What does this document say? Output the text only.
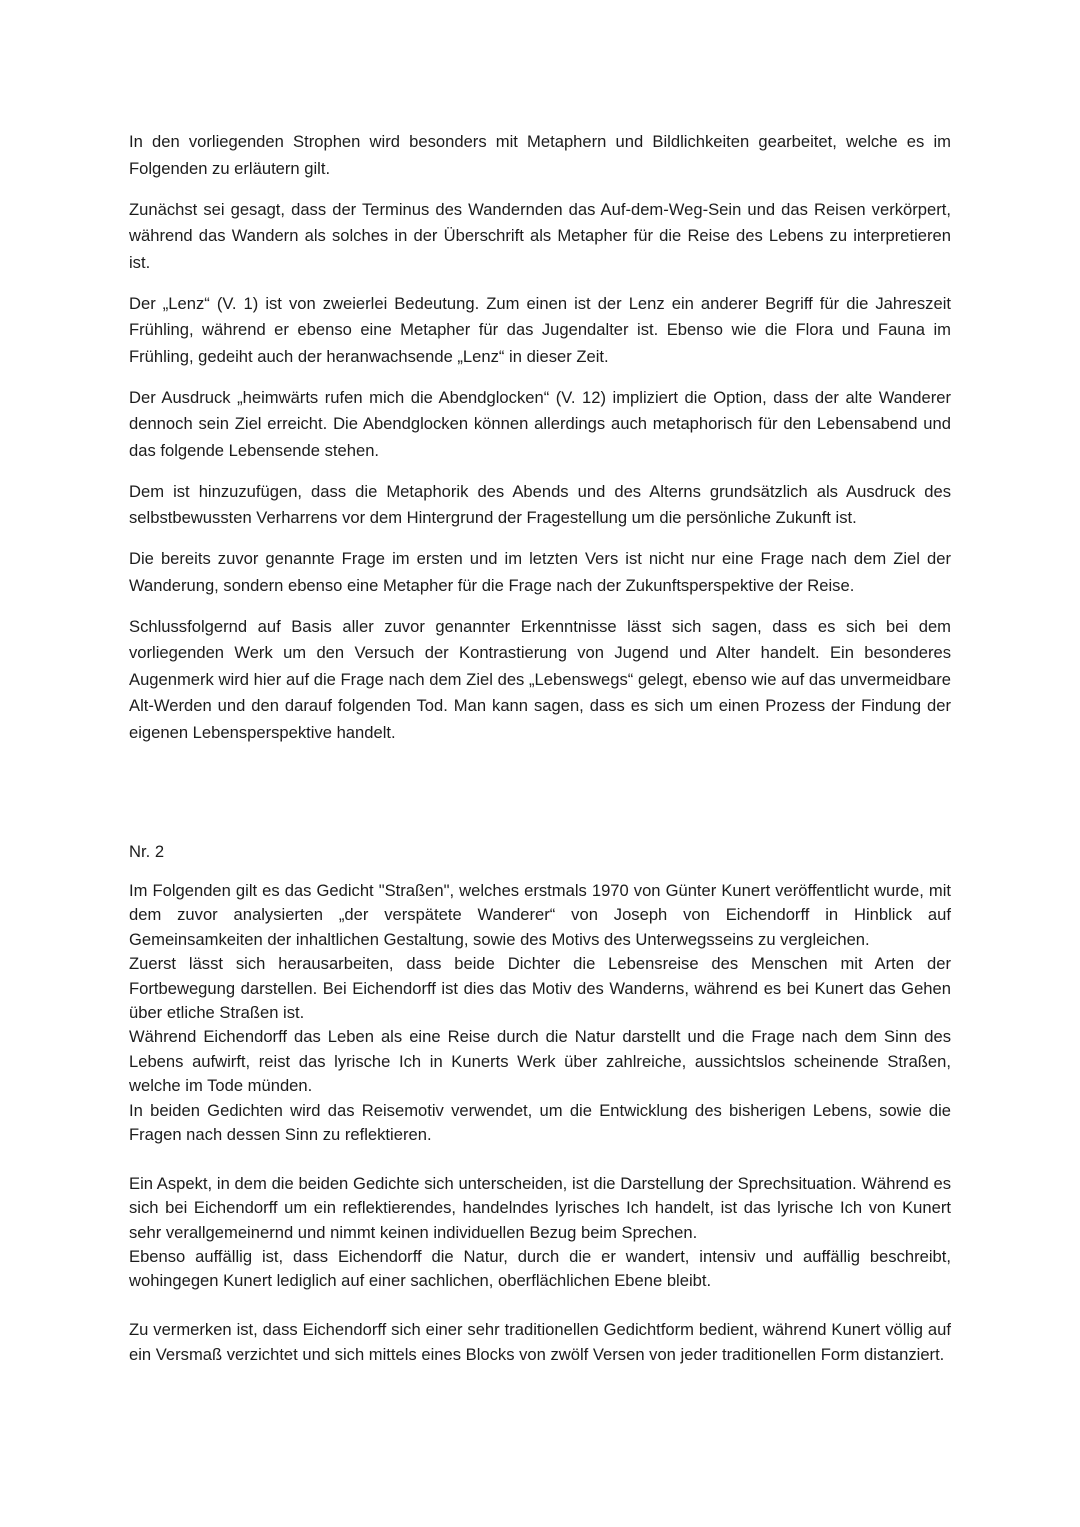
In den vorliegenden Strophen wird besonders mit Metaphern und Bildlichkeiten gearbeitet, welche es im Folgenden zu erläutern gilt.

Zunächst sei gesagt, dass der Terminus des Wandernden das Auf-dem-Weg-Sein und das Reisen verkörpert, während das Wandern als solches in der Überschrift als Metapher für die Reise des Lebens zu interpretieren ist.

Der „Lenz“ (V. 1) ist von zweierlei Bedeutung. Zum einen ist der Lenz ein anderer Begriff für die Jahreszeit Frühling, während er ebenso eine Metapher für das Jugendalter ist. Ebenso wie die Flora und Fauna im Frühling, gedeiht auch der heranwachsende „Lenz“ in dieser Zeit.

Der Ausdruck „heimwärts rufen mich die Abendglocken“ (V. 12) impliziert die Option, dass der alte Wanderer dennoch sein Ziel erreicht. Die Abendglocken können allerdings auch metaphorisch für den Lebensabend und das folgende Lebensende stehen.

Dem ist hinzuzufügen, dass die Metaphorik des Abends und des Alterns grundsätzlich als Ausdruck des selbstbewussten Verharrens vor dem Hintergrund der Fragestellung um die persönliche Zukunft ist.

Die bereits zuvor genannte Frage im ersten und im letzten Vers ist nicht nur eine Frage nach dem Ziel der Wanderung, sondern ebenso eine Metapher für die Frage nach der Zukunftsperspektive der Reise.

Schlussfolgernd auf Basis aller zuvor genannter Erkenntnisse lässt sich sagen, dass es sich bei dem vorliegenden Werk um den Versuch der Kontrastierung von Jugend und Alter handelt. Ein besonderes Augenmerk wird hier auf die Frage nach dem Ziel des „Lebenswegs“ gelegt, ebenso wie auf das unvermeidbare Alt-Werden und den darauf folgenden Tod. Man kann sagen, dass es sich um einen Prozess der Findung der eigenen Lebensperspektive handelt.

Nr. 2

Im Folgenden gilt es das Gedicht "Straßen", welches erstmals 1970 von Günter Kunert veröffentlicht wurde, mit dem zuvor analysierten „der verspätete Wanderer“ von Joseph von Eichendorff in Hinblick auf Gemeinsamkeiten der inhaltlichen Gestaltung, sowie des Motivs des Unterwegsseins zu vergleichen.

Zuerst lässt sich herausarbeiten, dass beide Dichter die Lebensreise des Menschen mit Arten der Fortbewegung darstellen. Bei Eichendorff ist dies das Motiv des Wanderns, während es bei Kunert das Gehen über etliche Straßen ist.

Während Eichendorff das Leben als eine Reise durch die Natur darstellt und die Frage nach dem Sinn des Lebens aufwirft, reist das lyrische Ich in Kunerts Werk über zahlreiche, aussichtslos scheinende Straßen, welche im Tode münden.

In beiden Gedichten wird das Reisemotiv verwendet, um die Entwicklung des bisherigen Lebens, sowie die Fragen nach dessen Sinn zu reflektieren.

Ein Aspekt, in dem die beiden Gedichte sich unterscheiden, ist die Darstellung der Sprechsituation. Während es sich bei Eichendorff um ein reflektierendes, handelndes lyrisches Ich handelt, ist das lyrische Ich von Kunert sehr verallgemeinernd und nimmt keinen individuellen Bezug beim Sprechen.

Ebenso auffällig ist, dass Eichendorff die Natur, durch die er wandert, intensiv und auffällig beschreibt, wohingegen Kunert lediglich auf einer sachlichen, oberflächlichen Ebene bleibt.

Zu vermerken ist, dass Eichendorff sich einer sehr traditionellen Gedichtform bedient, während Kunert völlig auf ein Versmaß verzichtet und sich mittels eines Blocks von zwölf Versen von jeder traditionellen Form distanziert.
